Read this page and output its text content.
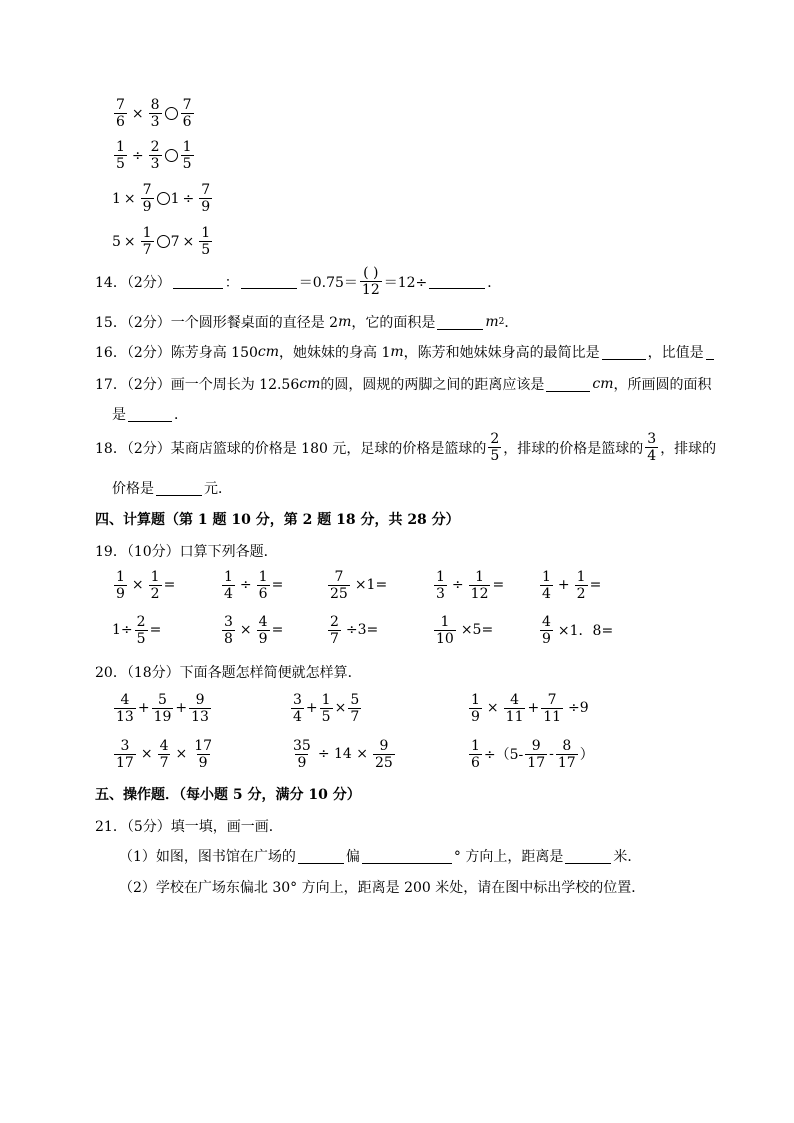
$\frac{7}{6} \times \frac{8}{3} \frac{7}{6}$
$\frac{1}{5} \div \frac{2}{3} \frac{1}{5}$
$1 \times \frac{7}{9} 1 \div \frac{7}{9}$
$5 \times \frac{1}{7} 7 \times \frac{1}{5}$
14．（2分）	：	$=0.75= \frac{( )}{12} =12\div$	．
15．（2分）一个圆形餐桌面的直径是 2 m ，它的面积是	m 2 ．
16．（2分）陈芳身高 150 cm ，她妹妹的身高 1 m ，陈芳和她妹妹身高的最简比是	，比值是
17．（2分）画一个周长为 12.56 cm 的圆，圆规的两脚之间的距离应该是	cm ，所画圆的面积
是	．
18．（2分）某商店篮球的价格是 180 元，足球的价格是篮球的 $\frac{2}{5}$ ，排球的价格是篮球的 $\frac{3}{4}$ ，排球的
价格是	元．
四、计算题（第 1 题 10 分，第 2 题 18 分，共 28 分）
19．（10分）口算下列各题．
$\frac{1}{9} \times \frac{1}{2}$ =	$\frac{1}{4} \div \frac{1}{6}$ =	$\frac{7}{25} \times 1=$	$\frac{1}{3} \div \frac{1}{12}$ =	$\frac{1}{4} + \frac{1}{2}$ =
$1\div \frac{2}{5}$ =	$\frac{3}{8} \times \frac{4}{9}$ =	$\frac{2}{7} \div 3=$	$\frac{1}{10} \times 5=$	$\frac{4}{9} \times 1$．8=
20．（18分）下面各题怎样简便就怎样算．
$\frac{4}{13} + \frac{5}{19} + \frac{9}{13}$	$\frac{3}{4} + \frac{1}{5} \times \frac{5}{7}$	$\frac{1}{9} \times \frac{4}{11} + \frac{7}{11} \div 9$
$\frac{3}{17} \times \frac{4}{7} \times \frac{17}{9}$	$\frac{35}{9} \div 14 \times \frac{9}{25}$	$\frac{1}{6} \div(5- \frac{9}{17} - \frac{8}{17}$ ）
五、操作题．（每小题 5 分，满分 10 分）
21．（5分）填一填，画一画．
（1）如图，图书馆在广场的	偏	° 方向上，距离是	米．
（2）学校在广场东偏北 30° 方向上，距离是 200 米处，请在图中标出学校的位置．
